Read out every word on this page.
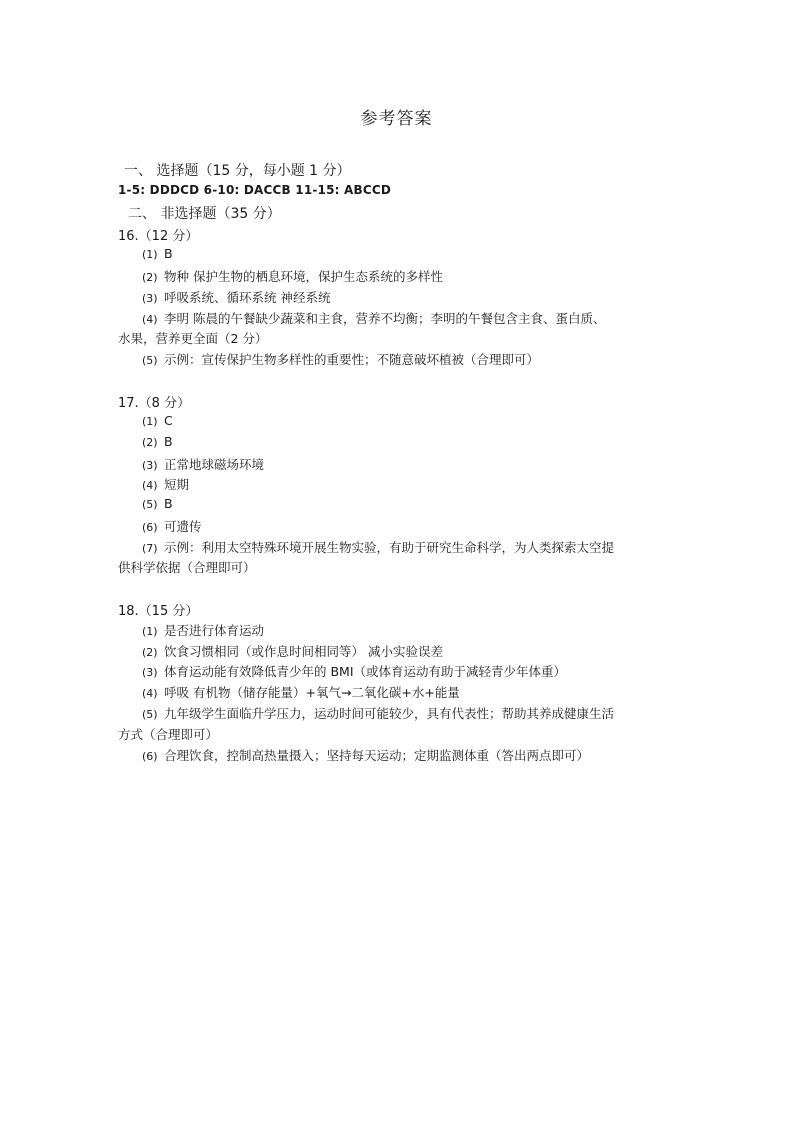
参考答案
一、 选择题（15 分，每小题 1 分）
1-5: DDDCD 6-10: DACCB 11-15: ABCCD
二、 非选择题（35 分）
16.（12 分）
(1) B
(2) 物种 保护生物的栖息环境，保护生态系统的多样性
(3) 呼吸系统、循环系统 神经系统
(4) 李明 陈晨的午餐缺少蔬菜和主食，营养不均衡；李明的午餐包含主食、蛋白质、
水果，营养更全面（2 分）
(5) 示例：宣传保护生物多样性的重要性；不随意破坏植被（合理即可）
17.（8 分）
(1) C
(2) B
(3) 正常地球磁场环境
(4) 短期
(5) B
(6) 可遗传
(7) 示例：利用太空特殊环境开展生物实验，有助于研究生命科学，为人类探索太空提
供科学依据（合理即可）
18.（15 分）
(1) 是否进行体育运动
(2) 饮食习惯相同（或作息时间相同等） 减小实验误差
(3) 体育运动能有效降低青少年的 BMI（或体育运动有助于减轻青少年体重）
(4) 呼吸 有机物（储存能量）+氧气→二氧化碳+水+能量
(5) 九年级学生面临升学压力，运动时间可能较少，具有代表性；帮助其养成健康生活
方式（合理即可）
(6) 合理饮食，控制高热量摄入；坚持每天运动；定期监测体重（答出两点即可）
